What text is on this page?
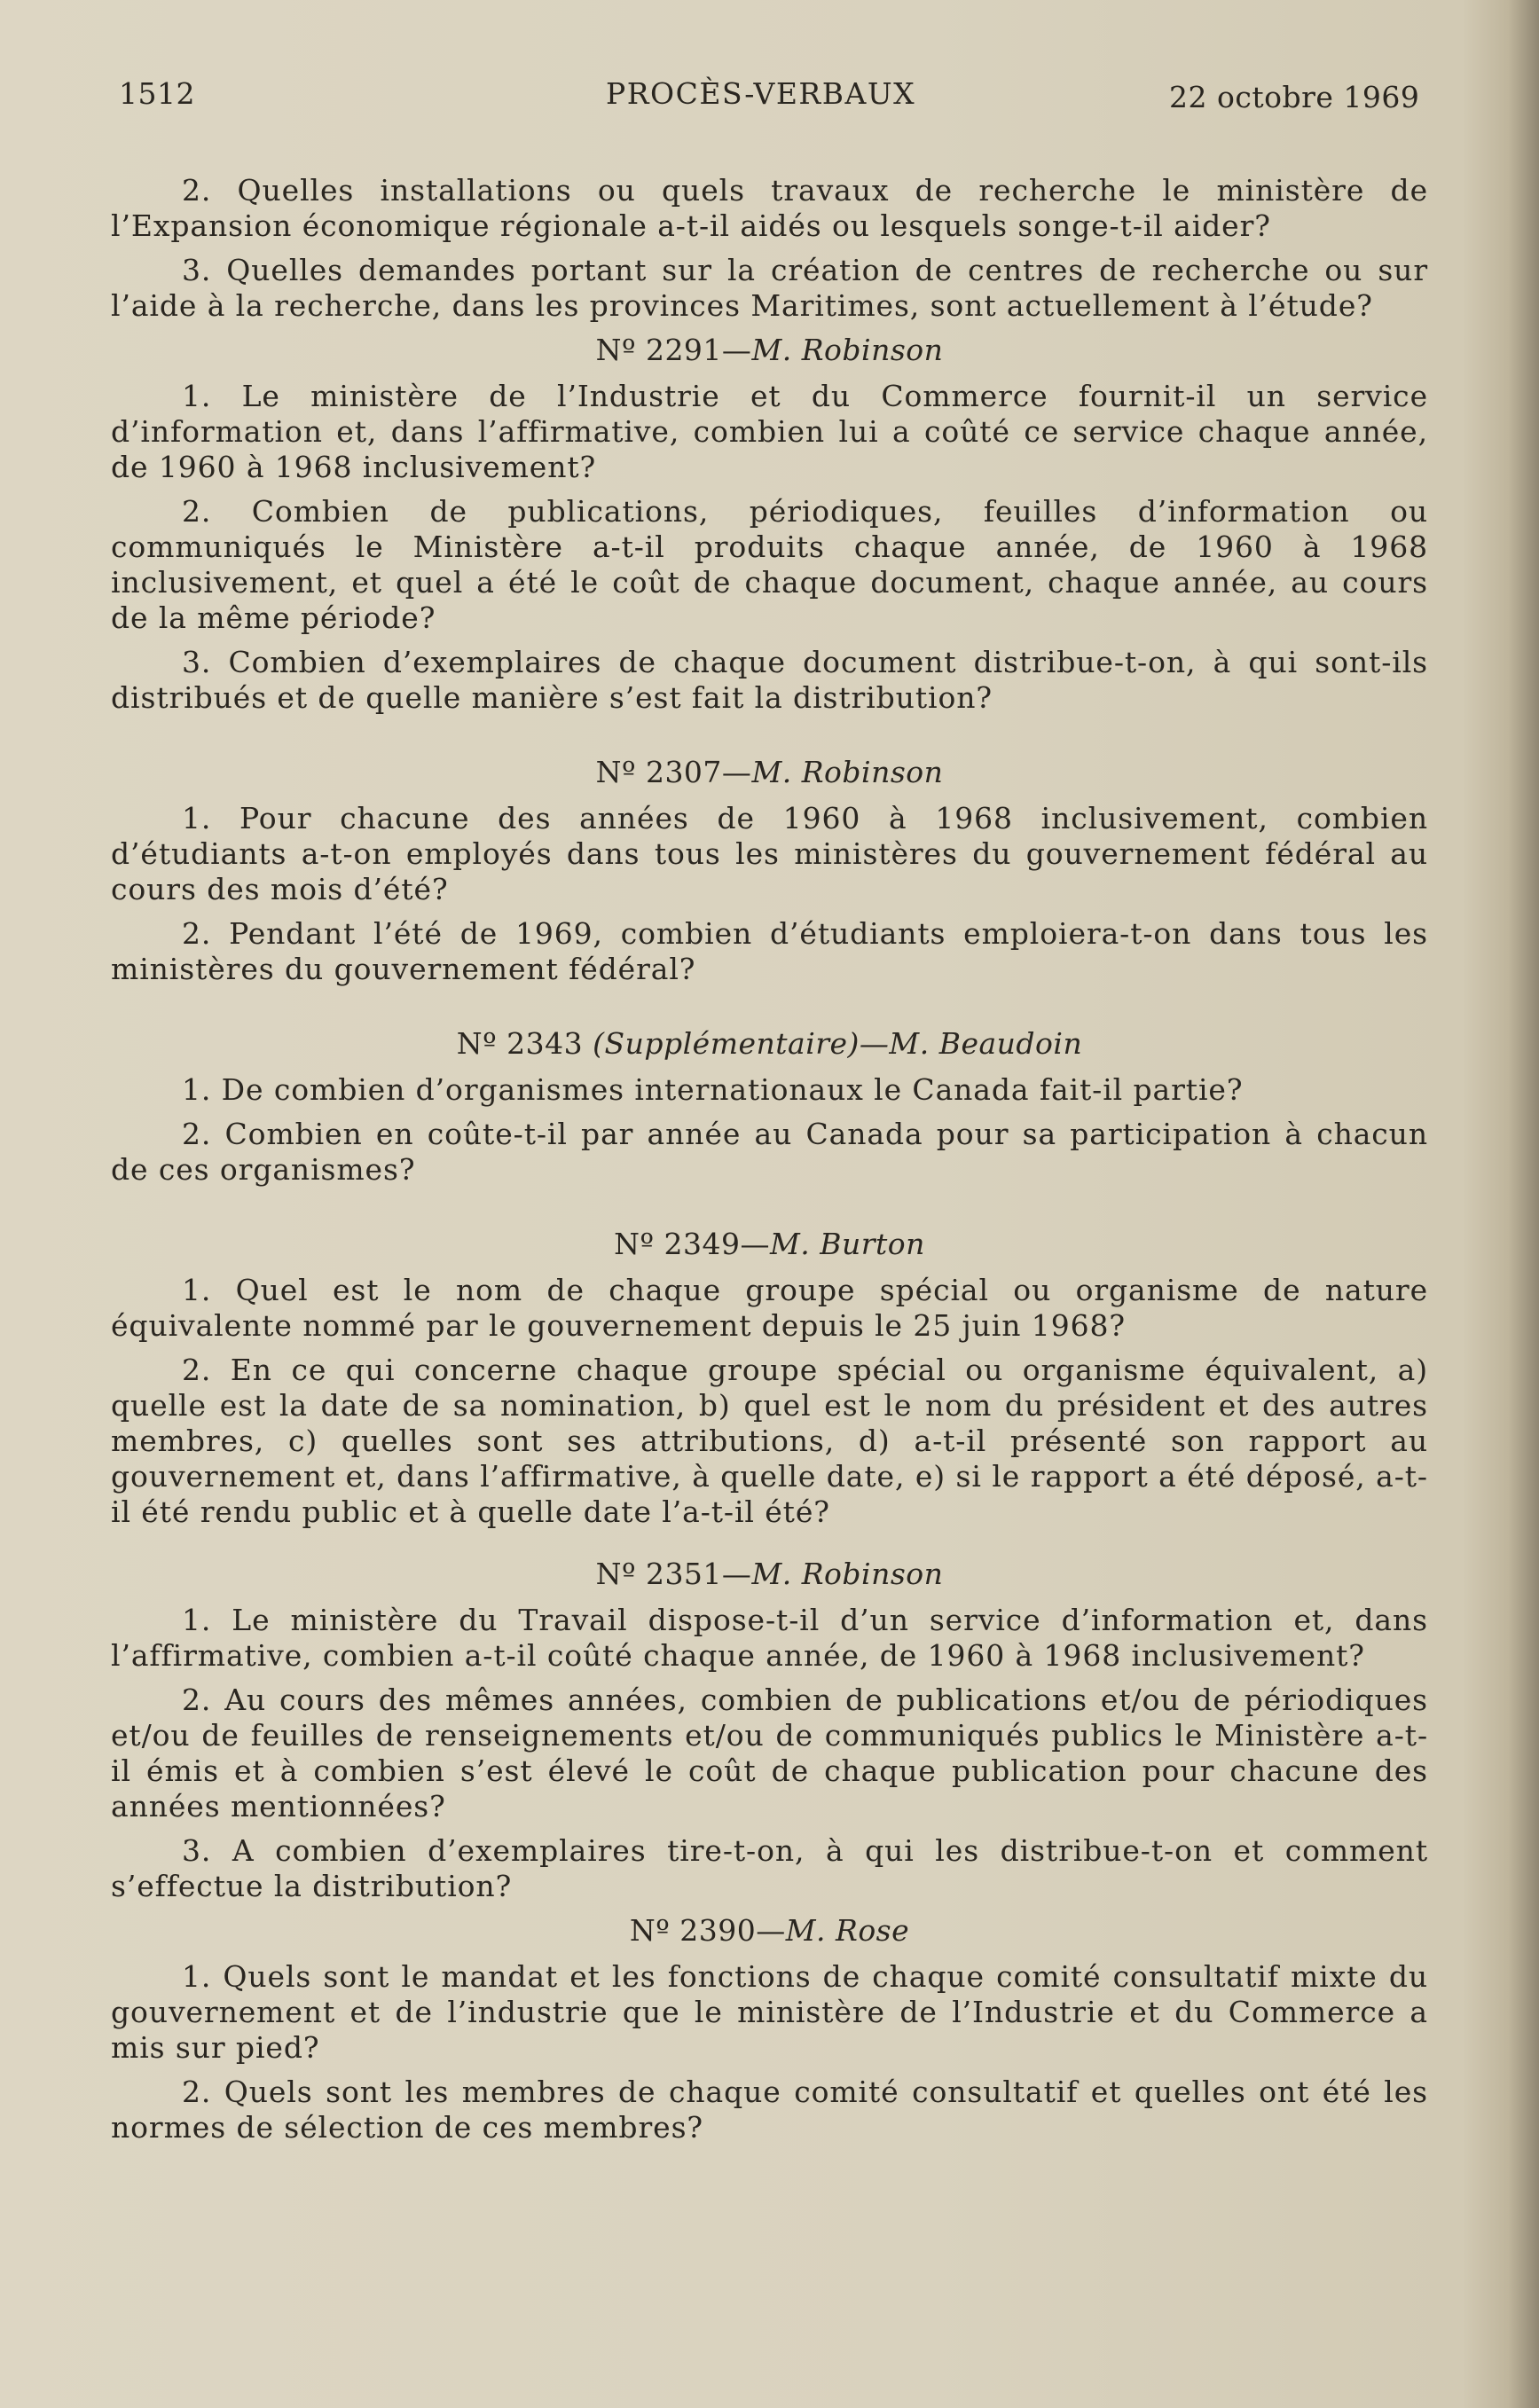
1512	PROCÈS-VERBAUX	22 octobre 1969

2. Quelles installations ou quels travaux de recherche le ministère de l’Expansion économique régionale a-t-il aidés ou lesquels songe-t-il aider?

3. Quelles demandes portant sur la création de centres de recherche ou sur l’aide à la recherche, dans les provinces Maritimes, sont actuellement à l’étude?

Nº 2291—M. Robinson

1. Le ministère de l’Industrie et du Commerce fournit-il un service d’information et, dans l’affirmative, combien lui a coûté ce service chaque année, de 1960 à 1968 inclusivement?

2. Combien de publications, périodiques, feuilles d’information ou communiqués le Ministère a-t-il produits chaque année, de 1960 à 1968 inclusivement, et quel a été le coût de chaque document, chaque année, au cours de la même période?

3. Combien d’exemplaires de chaque document distribue-t-on, à qui sont-ils distribués et de quelle manière s’est fait la distribution?

Nº 2307—M. Robinson

1. Pour chacune des années de 1960 à 1968 inclusivement, combien d’étudiants a-t-on employés dans tous les ministères du gouvernement fédéral au cours des mois d’été?

2. Pendant l’été de 1969, combien d’étudiants emploiera-t-on dans tous les ministères du gouvernement fédéral?

Nº 2343 (Supplémentaire)—M. Beaudoin

1. De combien d’organismes internationaux le Canada fait-il partie?

2. Combien en coûte-t-il par année au Canada pour sa participation à chacun de ces organismes?

Nº 2349—M. Burton

1. Quel est le nom de chaque groupe spécial ou organisme de nature équivalente nommé par le gouvernement depuis le 25 juin 1968?

2. En ce qui concerne chaque groupe spécial ou organisme équivalent, a) quelle est la date de sa nomination, b) quel est le nom du président et des autres membres, c) quelles sont ses attributions, d) a-t-il présenté son rapport au gouvernement et, dans l’affirmative, à quelle date, e) si le rapport a été déposé, a-t-il été rendu public et à quelle date l’a-t-il été?

Nº 2351—M. Robinson

1. Le ministère du Travail dispose-t-il d’un service d’information et, dans l’affirmative, combien a-t-il coûté chaque année, de 1960 à 1968 inclusivement?

2. Au cours des mêmes années, combien de publications et/ou de périodiques et/ou de feuilles de renseignements et/ou de communiqués publics le Ministère a-t-il émis et à combien s’est élevé le coût de chaque publication pour chacune des années mentionnées?

3. A combien d’exemplaires tire-t-on, à qui les distribue-t-on et comment s’effectue la distribution?

Nº 2390—M. Rose

1. Quels sont le mandat et les fonctions de chaque comité consultatif mixte du gouvernement et de l’industrie que le ministère de l’Industrie et du Commerce a mis sur pied?

2. Quels sont les membres de chaque comité consultatif et quelles ont été les normes de sélection de ces membres?
